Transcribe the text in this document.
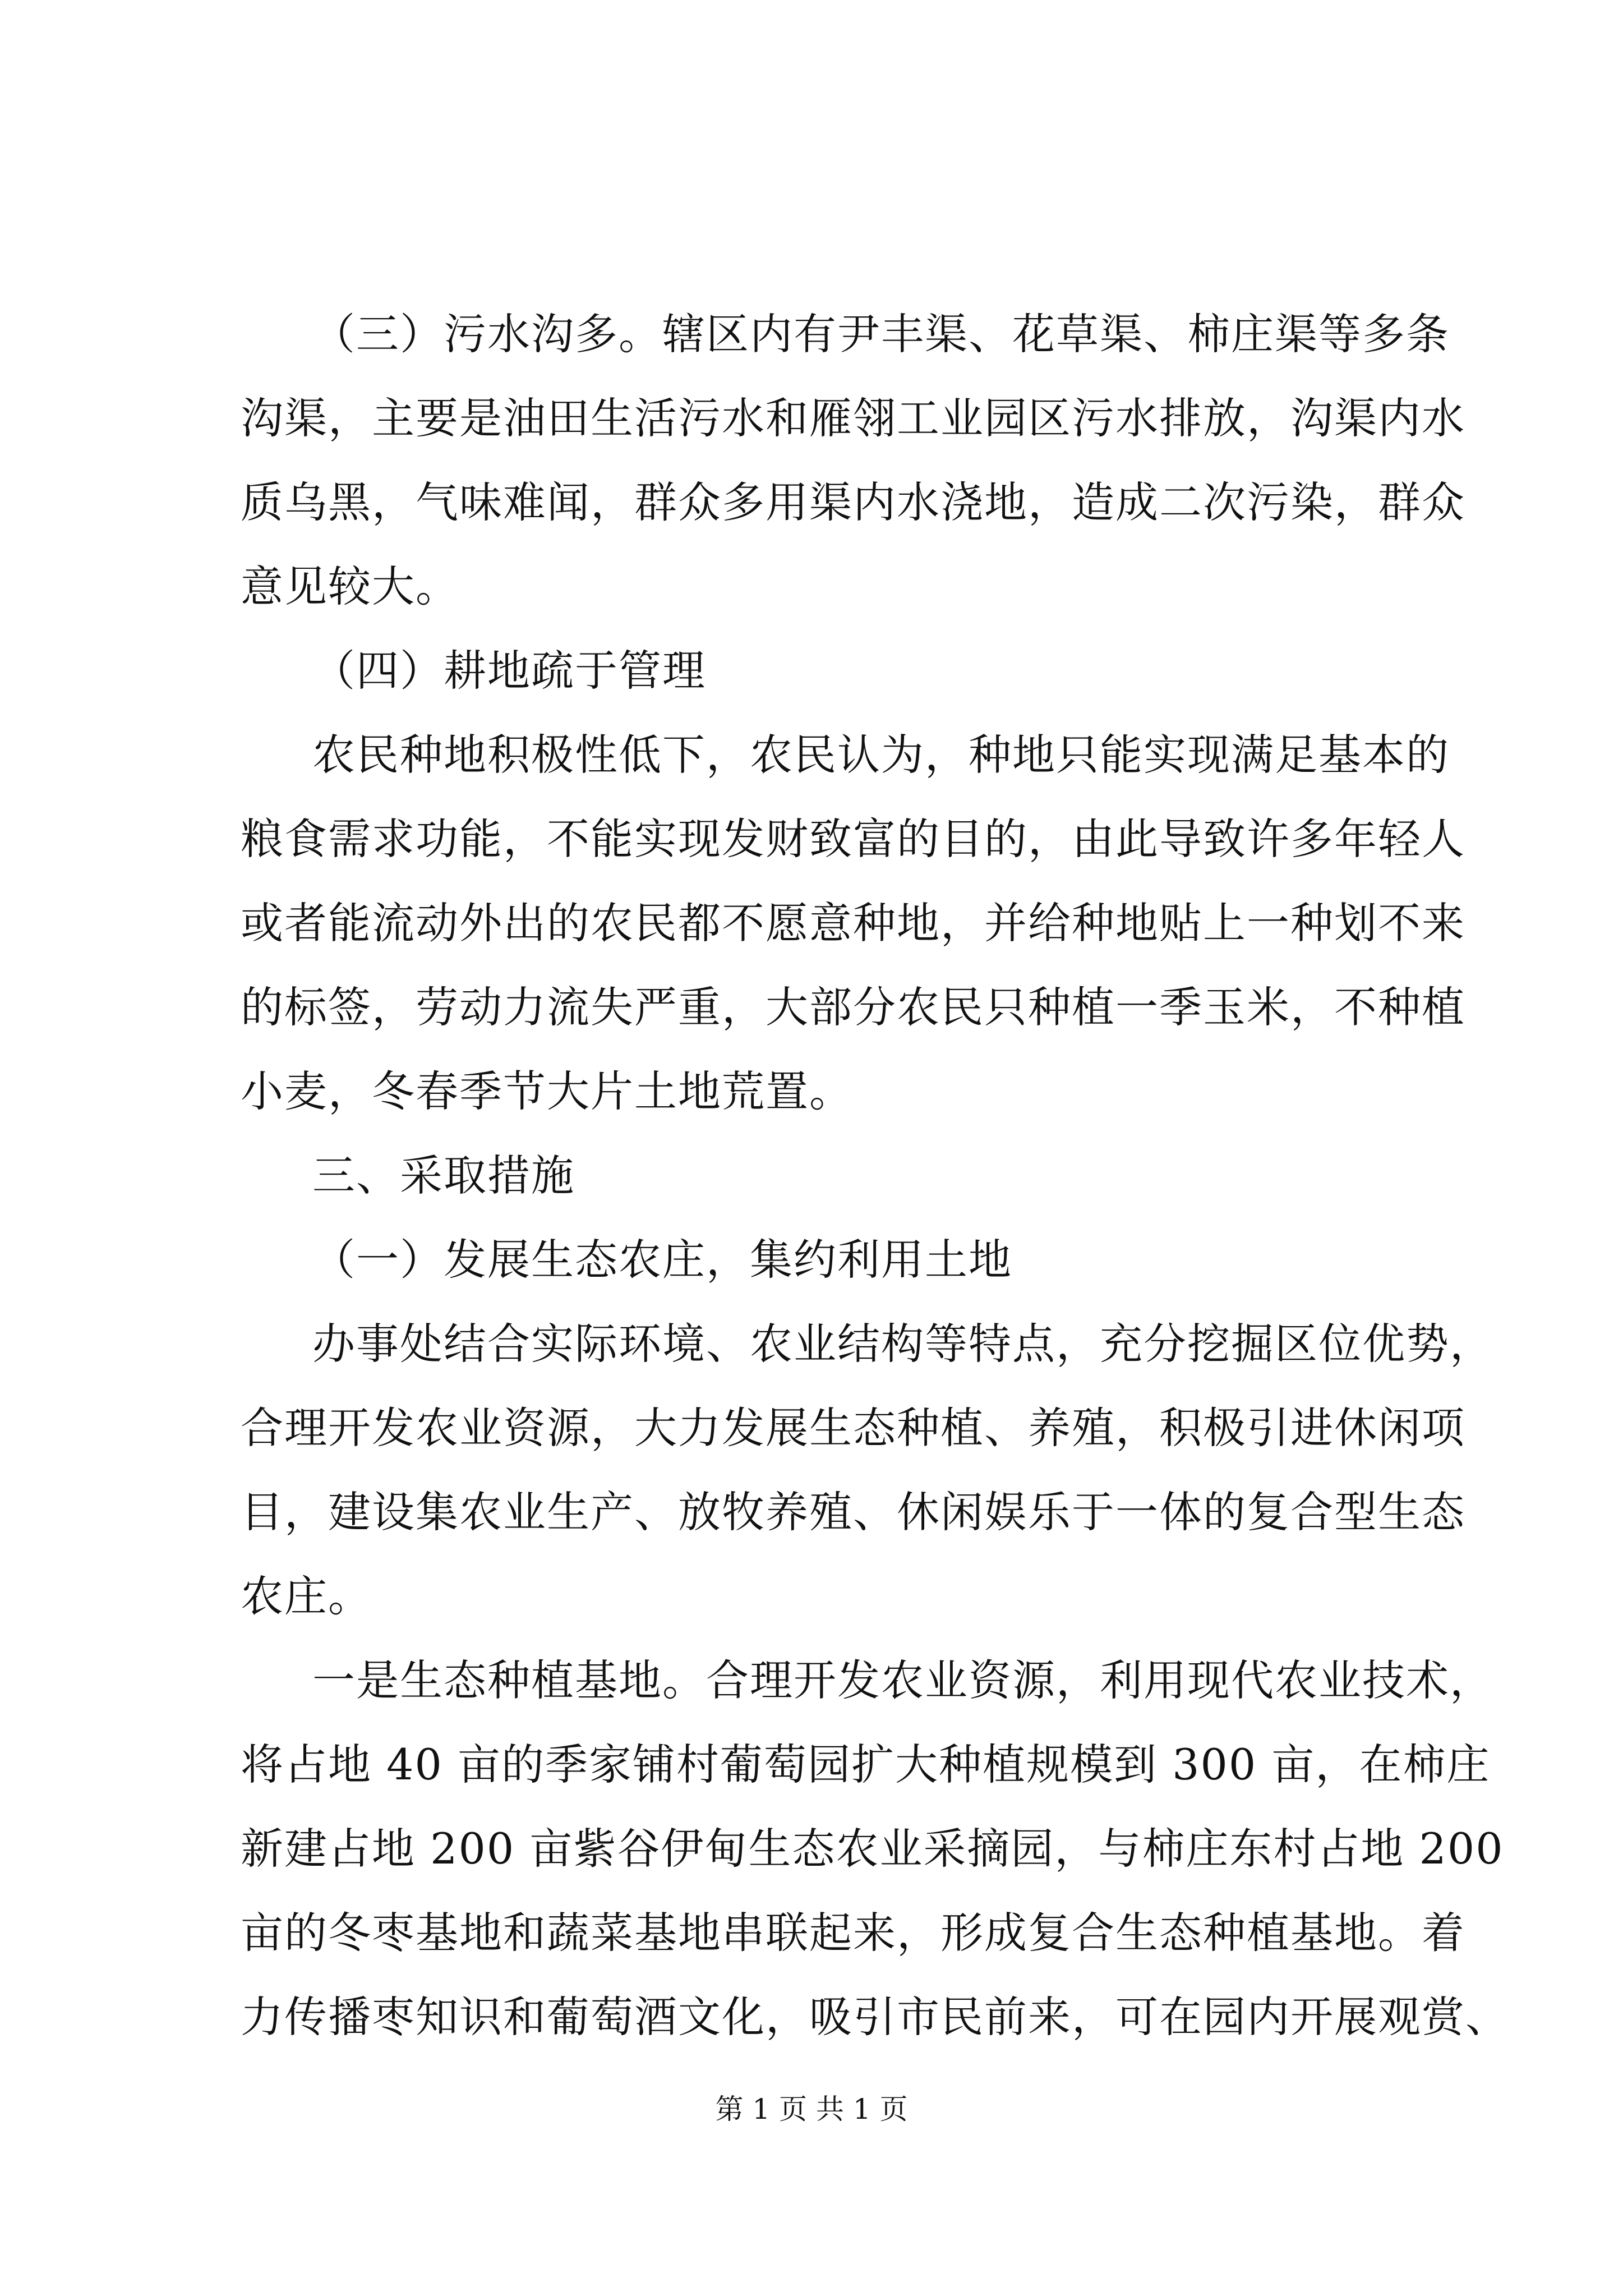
（三）污水沟多。辖区内有尹丰渠、花草渠、柿庄渠等多条
沟渠，主要是油田生活污水和雁翎工业园区污水排放，沟渠内水
质乌黑，气味难闻，群众多用渠内水浇地，造成二次污染，群众
意见较大。
（四）耕地疏于管理
农民种地积极性低下，农民认为，种地只能实现满足基本的
粮食需求功能，不能实现发财致富的目的，由此导致许多年轻人
或者能流动外出的农民都不愿意种地，并给种地贴上一种划不来
的标签，劳动力流失严重，大部分农民只种植一季玉米，不种植
小麦，冬春季节大片土地荒置。
三、采取措施
（一）发展生态农庄，集约利用土地
办事处结合实际环境、农业结构等特点，充分挖掘区位优势，
合理开发农业资源，大力发展生态种植、养殖，积极引进休闲项
目，建设集农业生产、放牧养殖、休闲娱乐于一体的复合型生态
农庄。
一是生态种植基地。合理开发农业资源，利用现代农业技术，
将占地 40 亩的季家铺村葡萄园扩大种植规模到 300 亩，在柿庄
新建占地 200 亩紫谷伊甸生态农业采摘园，与柿庄东村占地 200
亩的冬枣基地和蔬菜基地串联起来，形成复合生态种植基地。着
力传播枣知识和葡萄酒文化，吸引市民前来，可在园内开展观赏、
第 1 页 共 1 页
